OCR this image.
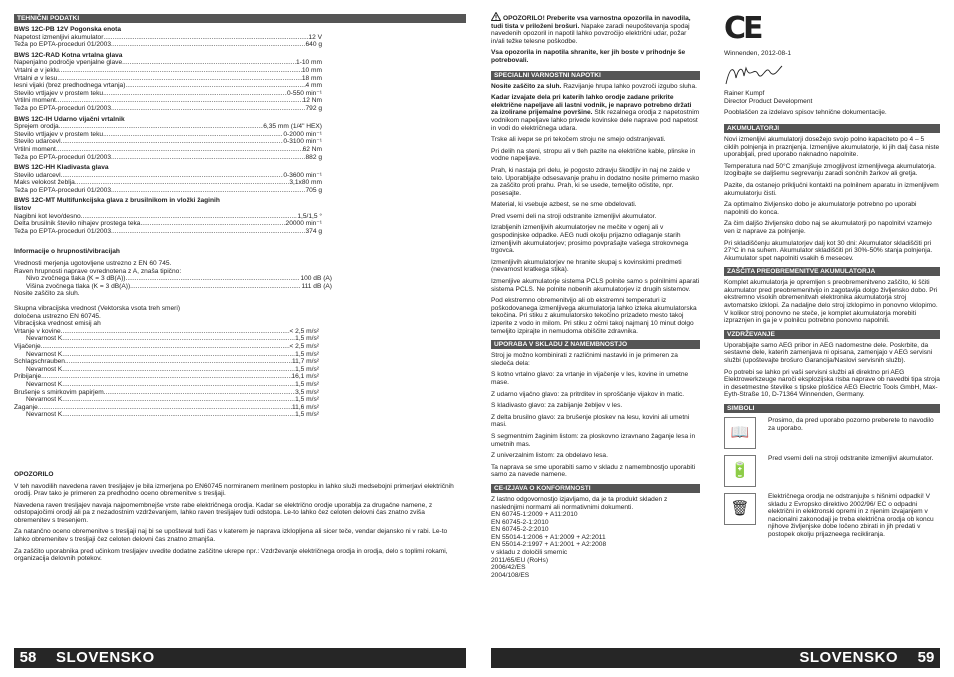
TEHNIČNI PODATKI
BWS 12C-PB 12V Pogonska enota
Napetost izmenljivi akumulator .....	12 V
Teža po EPTA-proceduri 01/2003 .....	640 g
BWS 12C-RAD Kotna vrtalna glava
Napenjalno področje vpenjalne glave .....	1-10 mm
Vrtalni ⌀ v jeklu .....	10 mm
Vrtalni ⌀ v lesu .....	18 mm
lesni vijaki (brez predhodnega vrtanja) .....	4 mm
Število vrtljajev v prostem teku .....	0-550 min⁻¹
Vrtilni moment .....	12 Nm
Teža po EPTA-proceduri 01/2003 .....	792 g
BWS 12C-IH Udarno vijačni vrtalnik
Sprejem orodja .....	6,35 mm (1/4" HEX)
Število vrtljajev v prostem teku .....	0-2000 min⁻¹
Število udarcevl .....	0-3100 min⁻¹
Vrtilni moment .....	62 Nm
Teža po EPTA-proceduri 01/2003 .....	882 g
BWS 12C-HH Kladivasta glava
Število udarcevl .....	0-3600 min⁻¹
Maks velokost žeblja .....	3,1x80 mm
Teža po EPTA-proceduri 01/2003 .....	705 g
BWS 12C-MT Multifunkcijska glava z brusilnikom in vložki žaginih listov
Nagibni kot levo/desno .....	1,5/1,5 °
Delta brusilnik število nihajev prostega teka .....	20000 min⁻¹
Teža po EPTA-proceduri 01/2003 .....	374 g
Informacije o hrupnosti/vibracijah
Vrednosti merjenja ugotovljene ustrezno z EN 60 745.
Raven hrupnosti naprave ovrednotena z A, znaša tipično:
Nivo zvočnega tlaka (K = 3 dB(A)) .....	100 dB (A)
Višina zvočnega tlaka (K = 3 dB(A)) .....	111 dB (A)
Nosite zaščito za sluh.
Skupna vibracijska vrednost (Vektorska vsota treh smeri)
določena ustrezno EN 60745.
Vibracijska vrednost emisij ah
Vrtanje v kovine .....	< 2,5 m/s²
Nevarnost K .....	1,5 m/s²
Vijačenje .....	< 2,5 m/s²
Nevarnost K .....	1,5 m/s²
Schlagschrauben .....	11,7 m/s²
Nevarnost K .....	1,5 m/s²
Pribijanje .....	16,1 m/s²
Nevarnost K .....	1,5 m/s²
Brušenje s smirkovim papirjem .....	3,5 m/s²
Nevarnost K .....	1,5 m/s²
Žaganje .....	11,6 m/s²
Nevarnost K .....	1,5 m/s²
OPOZORILO
V teh navodilih navedena raven tresljajev je bila izmerjena po EN60745 normiranem merilnem postopku in lahko služi medsebojni primerjavi električnih orodij. Prav tako je primeren za predhodno oceno obremenitve s tresljaji.
Navedena raven tresljajev navaja najpomembnejše vrste rabe električnega orodja. Kadar se električno orodje uporablja za drugačne namene, z odstopajočimi orodji ali pa z nezadostnim vzdrževanjem, lahko raven tresljajev tudi odstopa. Le-to lahko čez celoten delovni čas znatno zviša obremenitev s tresenjem.
Za natančno oceno obremenitve s tresljaji naj bi se upošteval tudi čas v katerem je naprava izklopljena ali sicer teče, vendar dejansko ni v rabi. Le-to lahko obremenitev s tresljaji čez celoten delovni čas znatno zmanjša.
Za zaščito uporabnika pred učinkom tresljajev uvedite dodatne zaščitne ukrepe npr.: Vzdrževanje električnega orodja in orodja, delo s toplimi rokami, organizacija delovnih potekov.
OPOZORILO! Preberite vsa varnostna opozorila in navodila, tudi tista v priloženi brošuri. Napake zaradi neupoštevanja spodaj navedenih opozoril in napotil lahko povzročijo električni udar, požar in/ali težke telesne poškodbe.
Vsa opozorila in napotila shranite, ker jih boste v prihodnje še potrebovali.
SPECIALNI VARNOSTNI NAPOTKI
Nosite zaščito za sluh. Razvijanje hrupa lahko povzroči izgubo sluha.
Kadar izvajate dela pri katerih lahko orodje zadane prikrite električne napeljave ali lastni vodnik, je napravo potrebno držati za izolirane prijemalne površine. Stik rezalnega orodja z napetostnim vodnikom napeljave lahko privede kovinske dele naprave pod napetost in vodi do električnega udara.
Trske ali ivери se pri tekočem stroju ne smejo odstranjevati.
Pri delih na steni, stropu ali v tleh pazite na električne kable, plinske in vodne napeljave.
Prah, ki nastaja pri delu, je pogosto zdravju škodljiv in naj ne zaide v telo. Uporabljajte odsesavanje prahu in dodatno nosite primerno masko za zaščito proti prahu. Prah, ki se usede, temeljito očistite, npr. posesajte.
Material, ki vsebuje azbest, se ne sme obdelovati.
Pred vsemi deli na stroji odstranite izmenljivi akumulator.
Izrabljenih izmenljivih akumulatorjev ne mečite v ogenj ali v gospodinjske odpadke. AEG nudi okolju prijazno odlaganje starih izmenljivih akumulatorjev; prosimo povprašajte vašega strokovnega trgovca.
Izmenljivih akumulatorjev ne hranite skupaj s kovinskimi predmeti (nevarnost kratkega stika).
Izmenljive akumulatorje sistema PCLS polnite samo s polnilnimi aparati sistema PCLS. Ne polnite nobenih akumulatorjev iz drugih sistemov.
Pod ekstremno obremenitvijo ali ob ekstremni temperaturi iz poškodovanega izmenljivega akumulatorja lahko izteka akumulatorska tekočina. Pri stiku z akumulatorsko tekočino prizadeto mesto takoj izperite z vodo in milom. Pri stiku z očmi takoj najmanj 10 minut dolgo temeljito izpirajte in nemudoma obiščite zdravnika.
UPORABA V SKLADU Z NAMEMBNOSTJO
Stroj je možno kombinirati z različnimi nastavki in je primeren za sledeča dela:
S kotno vrtalno glavo: za vrtanje in vijačenje v les, kovine in umetne mase.
Z udarno vijačno glavo: za pritrditev in sproščanje vijakov in matic.
S kladivasto glavo: za zabijanje žebljev v les.
Z delta brusilno glavo: za brušenje ploskev na lesu, kovini ali umetni masi.
S segmentnim žaginim listom: za ploskovno izravnano žaganje lesa in umetnih mas.
Z univerzalnim listom: za obdelavo lesa.
Ta naprava se sme uporabiti samo v skladu z namembnostjo uporabiti samo za navede namene.
CE-IZJAVA O KONFORMNOSTI
Z lastno odgovornostjo izjavljamo, da je ta produkt skladen z naslednjimi normami ali normativnimi dokumenti.
EN 60745-1:2009 + A11:2010
EN 60745-2-1:2010
EN 60745-2-2:2010
EN 55014-1:2006 + A1:2009 + A2:2011
EN 55014-2:1997 + A1:2001 + A2:2008
v skladu z določili smernic
2011/65/EU (RoHs)
2006/42/ES
2004/108/ES
CE
Winnenden, 2012-08-1
Rainer Kumpf
Director Product Development
Pooblaščen za izdelavo spisov tehnične dokumentacije.
AKUMULATORJI
Novi izmenljivi akumulatorji dosežejo svojo polno kapaciteto po 4 – 5 ciklih polnjenja in praznjenja. Izmenljive akumulatorje, ki jih dalj časa niste uporabljali, pred uporabo naknadno napolnite.
Temperatura nad 50°C zmanjšuje zmogljivost izmenljivega akumulatorja. Izogibajte se daljšemu segrevanju zaradi sončnih žarkov ali gretja.
Pazite, da ostanejo priključni kontakti na polnilnem aparatu in izmenljivem akumulatorju čisti.
Za optimalno življensko dobo je akumulatorje potrebno po uporabi napolniti do konca.
Za čim daljšo življensko dobo naj se akumulatorji po napolnitvi vzamejo ven iz naprave za polnjenje.
Pri skladiščenju akumulatorjev dalj kot 30 dni: Akumulator skladiščiti pri 27°C in na suhem. Akumulator skladiščiti pri 30%-50% stanja polnjenja. Akumulator spet napolniti vsakih 6 mesecev.
ZAŠČITA PREOBREMENITVE AKUMULATORJA
Komplet akumulatorja je opremljen s preobremenitveno zaščito, ki ščiti akumulator pred preobremenitvijo in zagotavlja dolgo življensko dobo. Pri ekstremno visokih obremenitvah elektronika akumulatorja stroj avtomatsko izklopi. Za nadaljne delo stroj izklopimo in ponovno vklopimo. V kolikor stroj ponovno ne steče, je komplet akumulatorja morebiti izpraznjen in ga je v polnilcu potrebno ponovno napolniti.
VZDRŽEVANJE
Uporabljajte samo AEG pribor in AEG nadomestne dele. Poskrbite, da sestavne dele, katerih zamenjava ni opisana, zamenjajo v AEG servisni službi (upoštevajte brošuro Garancija/Naslovi servisnih služb).
Po potrebi se lahko pri vaši servisni službi ali direktno pri AEG Elektrowerkzeuge naroči eksplozijska risba naprave ob navedbi tipa stroja in desetmestne številke s tipske ploščice AEG Electric Tools GmbH, Max-Eyth-Straße 10, D-71364 Winnenden, Germany.
SIMBOLI
📖
Prosimo, da pred uporabo pozorno preberete to navodilo za uporabo.
🔋
Pred vsemi deli na stroji odstranite izmenljivi akumulator.
🗑
Električnega orodja ne odstranjujte s hišnimi odpadki! V skladu z Evropsko direktivo 2002/96/ EC o odpadni električni in elektronski opremi in z njenim izvajanjem v nacionalni zakonodaji je treba električna orodja ob koncu njihove življenjske dobe ločeno zbirati in jih predati v postopek okolju prijazneega recikliranja.
58	SLOVENSKO	SLOVENSKO	59
